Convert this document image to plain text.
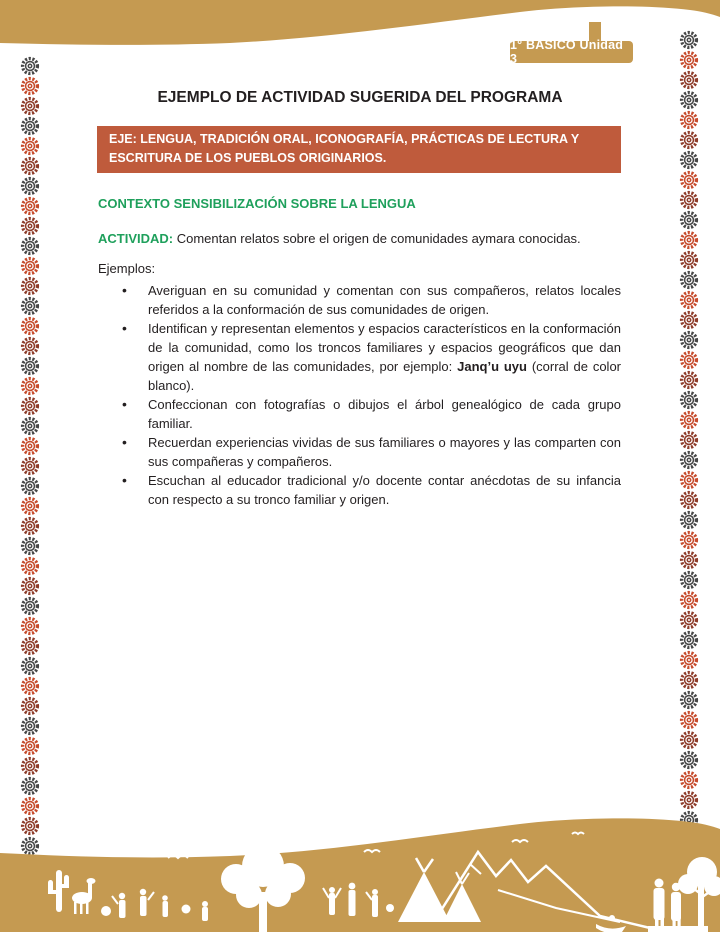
1° BÁSICO Unidad 3
EJEMPLO DE ACTIVIDAD SUGERIDA DEL PROGRAMA
EJE: LENGUA, TRADICIÓN ORAL, ICONOGRAFÍA, PRÁCTICAS DE LECTURA Y ESCRITURA DE LOS PUEBLOS ORIGINARIOS.
CONTEXTO SENSIBILIZACIÓN SOBRE LA LENGUA

ACTIVIDAD: Comentan relatos sobre el origen de comunidades aymara conocidas.

Ejemplos:

• Averiguan en su comunidad y comentan con sus compañeros, relatos locales referidos a la conformación de sus comunidades de origen.
• Identifican y representan elementos y espacios característicos en la conformación de la comunidad, como los troncos familiares y espacios geográficos que dan origen al nombre de las comunidades, por ejemplo: Janq’u uyu (corral de color blanco).
• Confeccionan con fotografías o dibujos el árbol genealógico de cada grupo familiar.
• Recuerdan experiencias vividas de sus familiares o mayores y las comparten con sus compañeras y compañeros.
• Escuchan al educador tradicional y/o docente contar anécdotas de su infancia con respecto a su tronco familiar y origen.
